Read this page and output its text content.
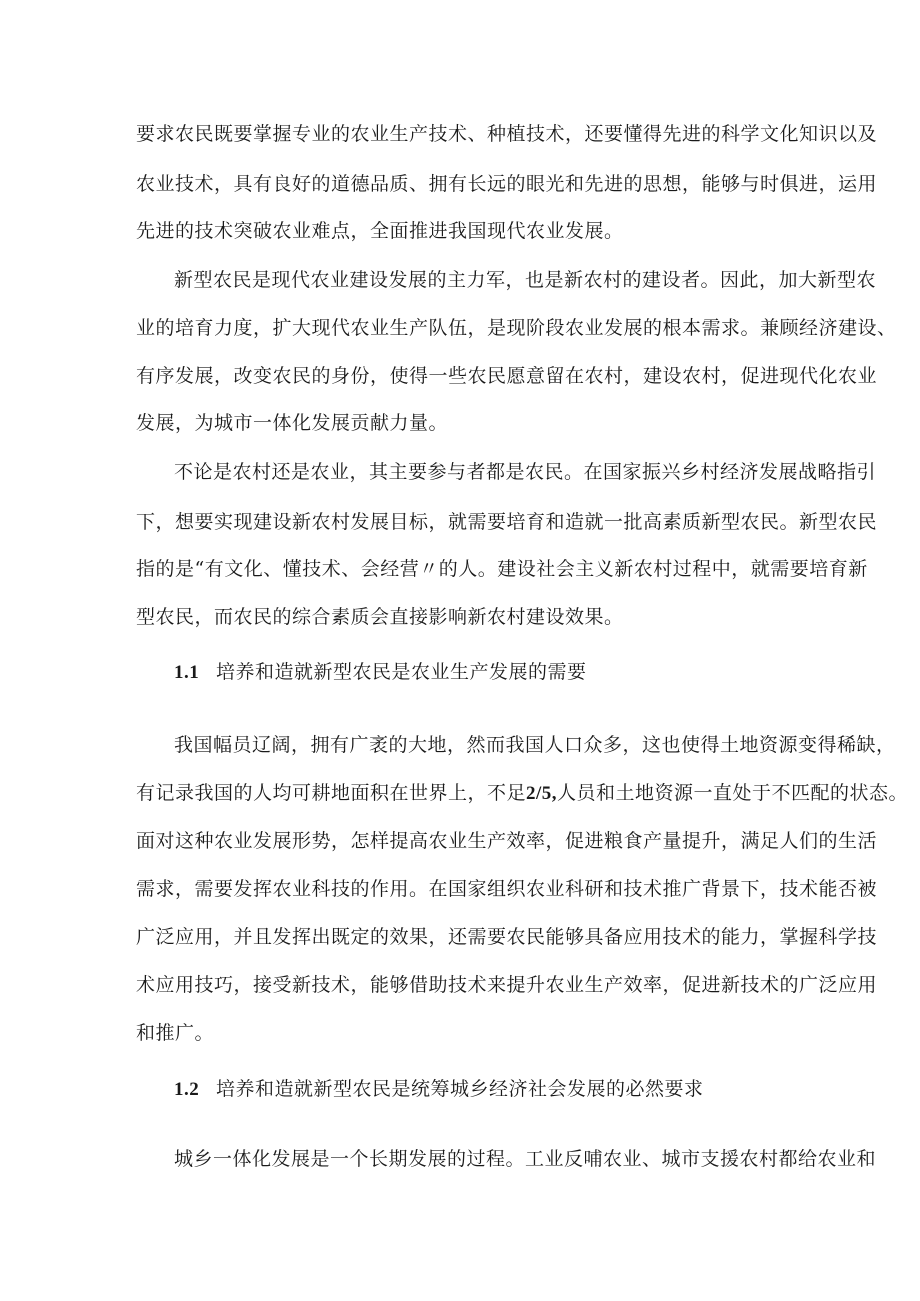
要求农民既要掌握专业的农业生产技术、种植技术，还要懂得先进的科学文化知识以及
农业技术，具有良好的道德品质、拥有长远的眼光和先进的思想，能够与时俱进，运用
先进的技术突破农业难点，全面推进我国现代农业发展。
新型农民是现代农业建设发展的主力军，也是新农村的建设者。因此，加大新型农
业的培育力度，扩大现代农业生产队伍，是现阶段农业发展的根本需求。兼顾经济建设、
有序发展，改变农民的身份，使得一些农民愿意留在农村，建设农村，促进现代化农业
发展，为城市一体化发展贡献力量。
不论是农村还是农业，其主要参与者都是农民。在国家振兴乡村经济发展战略指引
下，想要实现建设新农村发展目标，就需要培育和造就一批高素质新型农民。新型农民
指的是“有文化、懂技术、会经营〃的人。建设社会主义新农村过程中，就需要培育新
型农民，而农民的综合素质会直接影响新农村建设效果。
1.1 培养和造就新型农民是农业生产发展的需要
我国幅员辽阔，拥有广袤的大地，然而我国人口众多，这也使得土地资源变得稀缺，
有记录我国的人均可耕地面积在世界上，不足2/5,人员和土地资源一直处于不匹配的状态。
面对这种农业发展形势，怎样提高农业生产效率，促进粮食产量提升，满足人们的生活
需求，需要发挥农业科技的作用。在国家组织农业科研和技术推广背景下，技术能否被
广泛应用，并且发挥出既定的效果，还需要农民能够具备应用技术的能力，掌握科学技
术应用技巧，接受新技术，能够借助技术来提升农业生产效率，促进新技术的广泛应用
和推广。
1.2 培养和造就新型农民是统筹城乡经济社会发展的必然要求
城乡一体化发展是一个长期发展的过程。工业反哺农业、城市支援农村都给农业和
